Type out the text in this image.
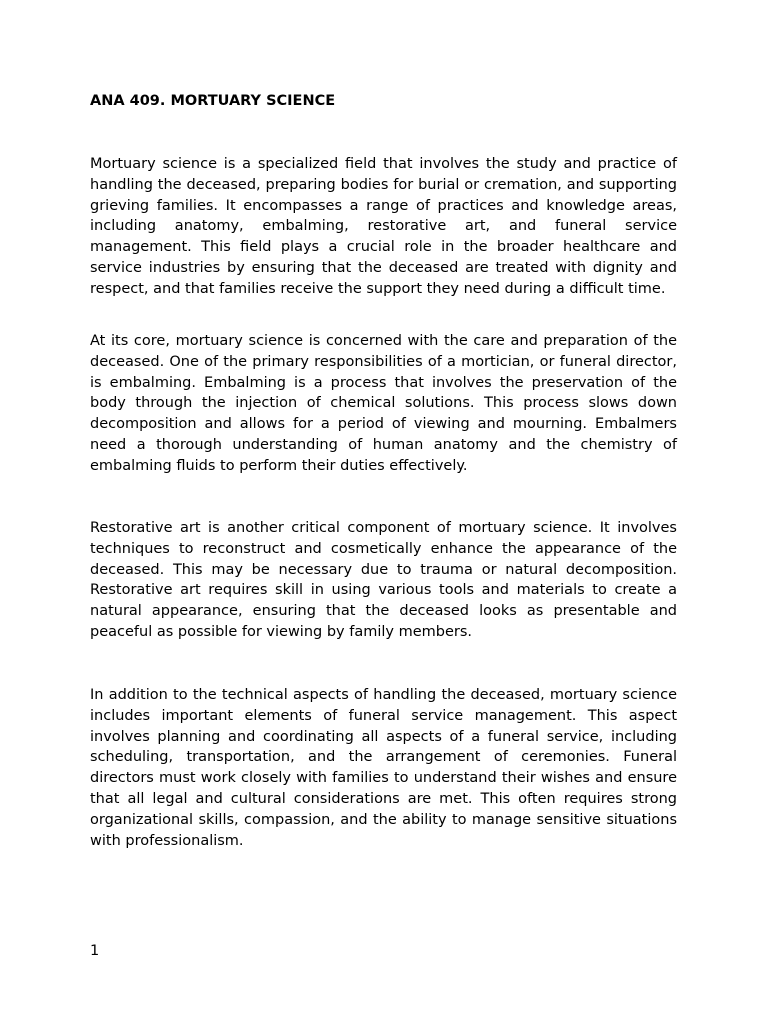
ANA 409. MORTUARY SCIENCE

Mortuary science is a specialized field that involves the study and practice of handling the deceased, preparing bodies for burial or cremation, and supporting grieving families. It encompasses a range of practices and knowledge areas, including anatomy, embalming, restorative art, and funeral service management. This field plays a crucial role in the broader healthcare and service industries by ensuring that the deceased are treated with dignity and respect, and that families receive the support they need during a difficult time.

At its core, mortuary science is concerned with the care and preparation of the deceased. One of the primary responsibilities of a mortician, or funeral director, is embalming. Embalming is a process that involves the preservation of the body through the injection of chemical solutions. This process slows down decomposition and allows for a period of viewing and mourning. Embalmers need a thorough understanding of human anatomy and the chemistry of embalming fluids to perform their duties effectively.

Restorative art is another critical component of mortuary science. It involves techniques to reconstruct and cosmetically enhance the appearance of the deceased. This may be necessary due to trauma or natural decomposition. Restorative art requires skill in using various tools and materials to create a natural appearance, ensuring that the deceased looks as presentable and peaceful as possible for viewing by family members.

In addition to the technical aspects of handling the deceased, mortuary science includes important elements of funeral service management. This aspect involves planning and coordinating all aspects of a funeral service, including scheduling, transportation, and the arrangement of ceremonies. Funeral directors must work closely with families to understand their wishes and ensure that all legal and cultural considerations are met. This often requires strong organizational skills, compassion, and the ability to manage sensitive situations with professionalism.

1
